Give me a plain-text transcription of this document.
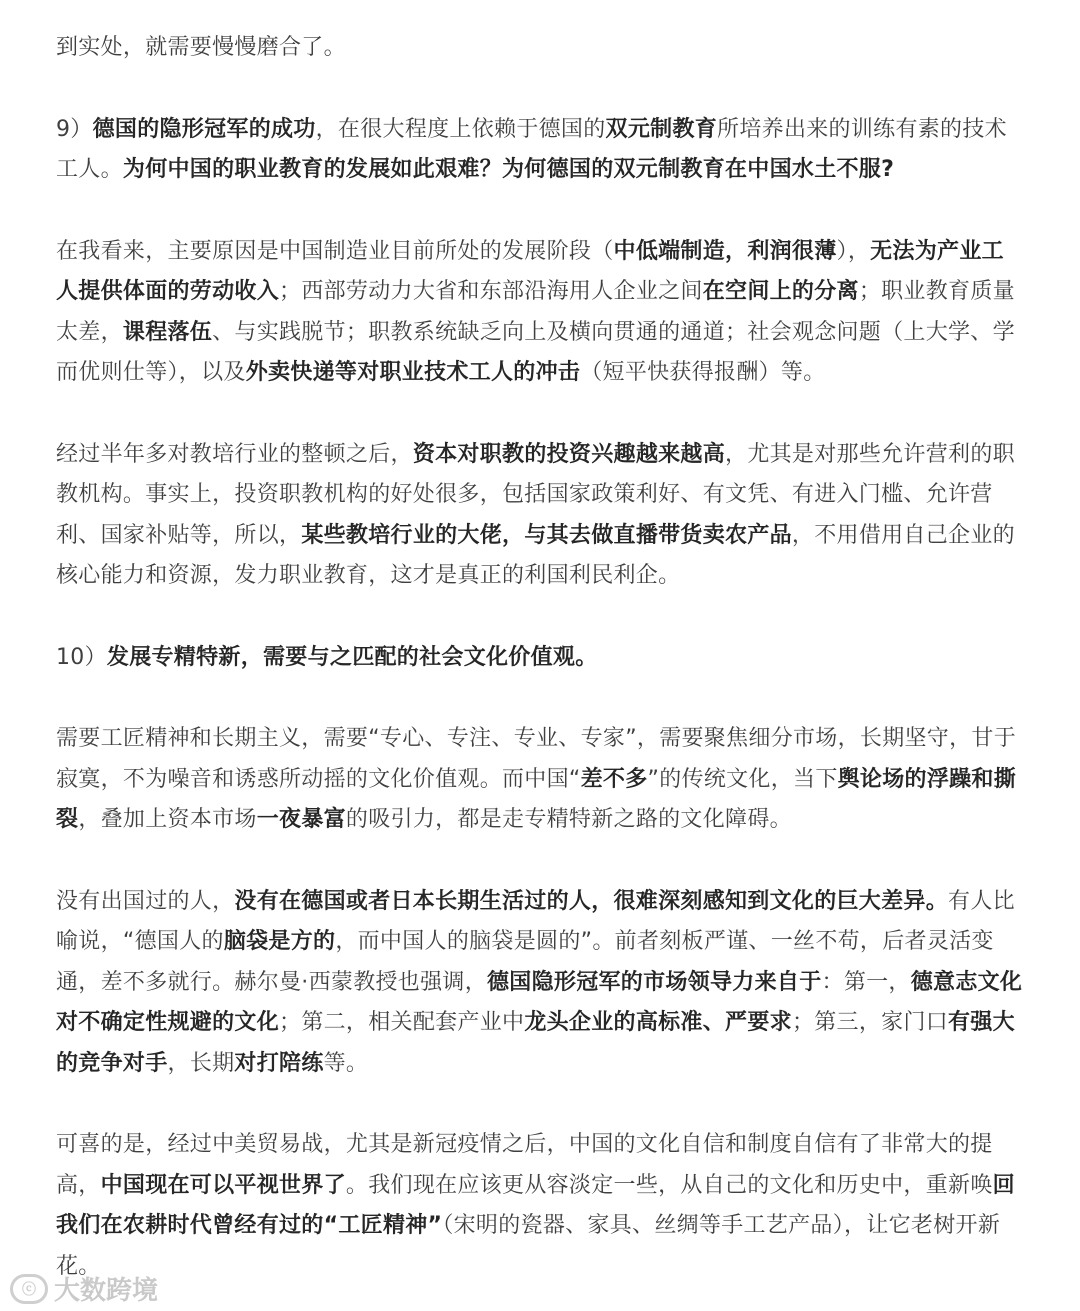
到实处，就需要慢慢磨合了。

9）德国的隐形冠军的成功，在很大程度上依赖于德国的双元制教育所培养出来的训练有素的技术工人。为何中国的职业教育的发展如此艰难？为何德国的双元制教育在中国水土不服?

在我看来，主要原因是中国制造业目前所处的发展阶段（中低端制造，利润很薄），无法为产业工人提供体面的劳动收入；西部劳动力大省和东部沿海用人企业之间在空间上的分离；职业教育质量太差，课程落伍、与实践脱节；职教系统缺乏向上及横向贯通的通道；社会观念问题（上大学、学而优则仕等），以及外卖快递等对职业技术工人的冲击（短平快获得报酬）等。

经过半年多对教培行业的整顿之后，资本对职教的投资兴趣越来越高，尤其是对那些允许营利的职教机构。事实上，投资职教机构的好处很多，包括国家政策利好、有文凭、有进入门槛、允许营利、国家补贴等，所以，某些教培行业的大佬，与其去做直播带货卖农产品，不用借用自己企业的核心能力和资源，发力职业教育，这才是真正的利国利民利企。

10）发展专精特新，需要与之匹配的社会文化价值观。

需要工匠精神和长期主义，需要“专心、专注、专业、专家”，需要聚焦细分市场，长期坚守，甘于寂寞，不为噪音和诱惑所动摇的文化价值观。而中国“差不多”的传统文化，当下舆论场的浮躁和撕裂，叠加上资本市场一夜暴富的吸引力，都是走专精特新之路的文化障碍。

没有出国过的人，没有在德国或者日本长期生活过的人，很难深刻感知到文化的巨大差异。有人比喻说，“德国人的脑袋是方的，而中国人的脑袋是圆的”。前者刻板严谨、一丝不苟，后者灵活变通，差不多就行。赫尔曼·西蒙教授也强调，德国隐形冠军的市场领导力来自于：第一，德意志文化对不确定性规避的文化；第二，相关配套产业中龙头企业的高标准、严要求；第三，家门口有强大的竞争对手，长期对打陪练等。

可喜的是，经过中美贸易战，尤其是新冠疫情之后，中国的文化自信和制度自信有了非常大的提高，中国现在可以平视世界了。我们现在应该更从容淡定一些，从自己的文化和历史中，重新唤回我们在农耕时代曾经有过的“工匠精神”（宋明的瓷器、家具、丝绸等手工艺产品），让它老树开新花。

ⓒ 大数跨境
